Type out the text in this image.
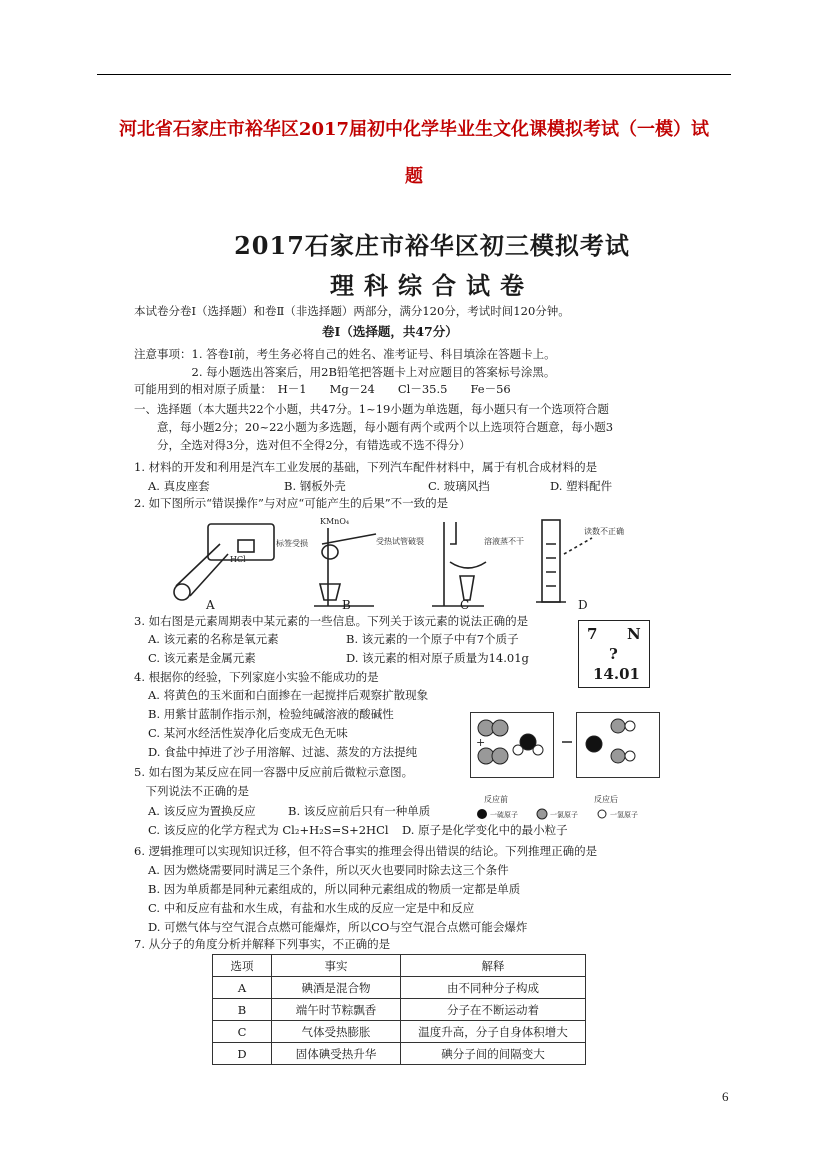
河北省石家庄市裕华区2017届初中化学毕业生文化课模拟考试（一模）试
题
2017石家庄市裕华区初三模拟考试
理科综合试卷
本试卷分卷Ⅰ（选择题）和卷Ⅱ（非选择题）两部分，满分120分，考试时间120分钟。
卷Ⅰ（选择题，共47分）
注意事项：1. 答卷Ⅰ前，考生务必将自己的姓名、准考证号、科目填涂在答题卡上。
　　　　　2. 每小题选出答案后，用2B铅笔把答题卡上对应题目的答案标号涂黑。
可能用到的相对原子质量：　H－1　　Mg－24　　Cl－35.5　　Fe－56
一、选择题（本大题共22个小题，共47分。1~19小题为单选题，每小题只有一个选项符合题
　　意，每小题2分；20~22小题为多选题，每小题有两个或两个以上选项符合题意，每小题3
　　分，全选对得3分，选对但不全得2分，有错选或不选不得分）
1. 材料的开发和利用是汽车工业发展的基础，下列汽车配件材料中，属于有机合成材料的是
A. 真皮座套	B. 钢板外壳	C. 玻璃风挡	D. 塑料配件
2. 如下图所示“错误操作”与对应“可能产生的后果”不一致的是
HCl
标签受损
KMnO₄
受热试管破裂	溶液蒸不干
读数不正确
A	B	C	D
3. 如右图是元素周期表中某元素的一些信息。下列关于该元素的说法正确的是
A. 该元素的名称是氧元素	B. 该元素的一个原子中有7个质子
C. 该元素是金属元素	D. 该元素的相对原子质量为14.01g
7 N
?
14.01
4. 根据你的经验，下列家庭小实验不能成功的是
A. 将黄色的玉米面和白面掺在一起搅拌后观察扩散现象
B. 用紫甘蓝制作指示剂，检验纯碱溶液的酸碱性
C. 某河水经活性炭净化后变成无色无味
D. 食盐中掉进了沙子用溶解、过滤、蒸发的方法提纯
+
反应前	反应后
一硫原子	一氯原子	一氢原子
5. 如右图为某反应在同一容器中反应前后微粒示意图。
　下列说法不正确的是
A. 该反应为置换反应	B. 该反应前后只有一种单质
C. 该反应的化学方程式为 Cl₂+H₂S=S+2HCl D. 原子是化学变化中的最小粒子
6. 逻辑推理可以实现知识迁移，但不符合事实的推理会得出错误的结论。下列推理正确的是
A. 因为燃烧需要同时满足三个条件，所以灭火也要同时除去这三个条件
B. 因为单质都是同种元素组成的，所以同种元素组成的物质一定都是单质
C. 中和反应有盐和水生成，有盐和水生成的反应一定是中和反应
D. 可燃气体与空气混合点燃可能爆炸，所以CO与空气混合点燃可能会爆炸
7. 从分子的角度分析并解释下列事实，不正确的是
选项	事实	解释
A	碘酒是混合物	由不同种分子构成
B	端午时节粽飘香	分子在不断运动着
C	气体受热膨胀	温度升高，分子自身体积增大
D	固体碘受热升华	碘分子间的间隔变大
6
